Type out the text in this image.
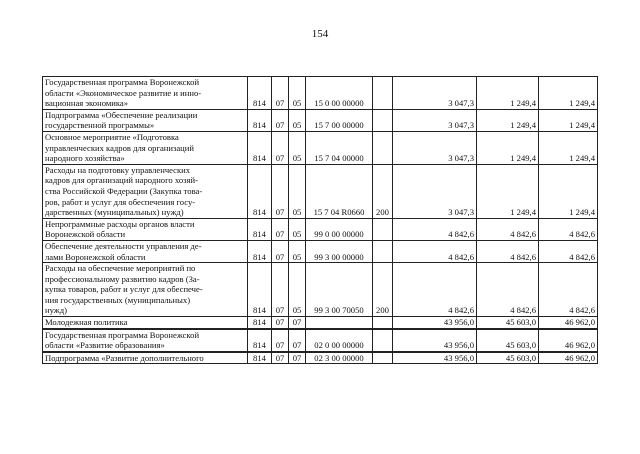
154
Государственная программа Воронежской
области «Экономическое развитие и инно-
вационная экономика»	814	07	05	15 0 00 00000		3 047,3	1 249,4	1 249,4
Подпрограмма «Обеспечение реализации
государственной программы»	814	07	05	15 7 00 00000		3 047,3	1 249,4	1 249,4
Основное мероприятие «Подготовка
управленческих кадров для организаций
народного хозяйства»	814	07	05	15 7 04 00000		3 047,3	1 249,4	1 249,4
Расходы на подготовку управленческих
кадров для организаций народного хозяй-
ства Российской Федерации (Закупка това-
ров, работ и услуг для обеспечения госу-
дарственных (муниципальных) нужд)	814	07	05	15 7 04 R0660	200	3 047,3	1 249,4	1 249,4
Непрограммные расходы органов власти
Воронежской области	814	07	05	99 0 00 00000		4 842,6	4 842,6	4 842,6
Обеспечение деятельности управления де-
лами Воронежской области	814	07	05	99 3 00 00000		4 842,6	4 842,6	4 842,6
Расходы на обеспечение мероприятий по
профессиональному развитию кадров (За-
купка товаров, работ и услуг для обеспече-
ния государственных (муниципальных)
нужд)	814	07	05	99 3 00 70050	200	4 842,6	4 842,6	4 842,6
Молодежная политика	814	07	07			43 956,0	45 603,0	46 962,0

Государственная программа Воронежской
области «Развитие образования»	814	07	07	02 0 00 00000		43 956,0	45 603,0	46 962,0

Подпрограмма «Развитие дополнительного	814	07	07	02 3 00 00000		43 956,0	45 603,0	46 962,0
